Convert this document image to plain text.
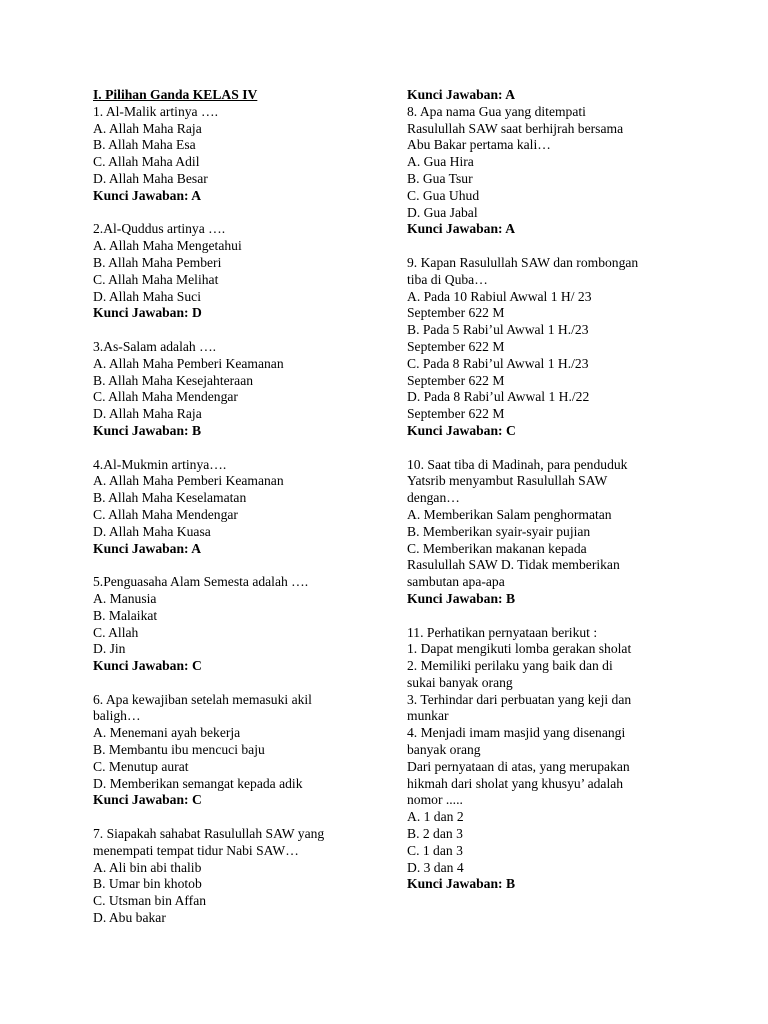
I. Pilihan Ganda KELAS IV
1. Al-Malik artinya ….
A. Allah Maha Raja
B. Allah Maha Esa
C. Allah Maha Adil
D. Allah Maha Besar
Kunci Jawaban: A
2.Al-Quddus artinya ….
A. Allah Maha Mengetahui
B. Allah Maha Pemberi
C. Allah Maha Melihat
D. Allah Maha Suci
Kunci Jawaban: D
3.As-Salam adalah ….
A. Allah Maha Pemberi Keamanan
B. Allah Maha Kesejahteraan
C. Allah Maha Mendengar
D. Allah Maha Raja
Kunci Jawaban: B
4.Al-Mukmin artinya….
A. Allah Maha Pemberi Keamanan
B. Allah Maha Keselamatan
C. Allah Maha Mendengar
D. Allah Maha Kuasa
Kunci Jawaban: A
5.Penguasaha Alam Semesta adalah ….
A. Manusia
B. Malaikat
C. Allah
D. Jin
Kunci Jawaban: C
6. Apa kewajiban setelah memasuki akil
baligh…
A. Menemani ayah bekerja
B. Membantu ibu mencuci baju
C. Menutup aurat
D. Memberikan semangat kepada adik
Kunci Jawaban: C
7. Siapakah sahabat Rasulullah SAW yang
menempati tempat tidur Nabi SAW…
A. Ali bin abi thalib
B. Umar bin khotob
C. Utsman bin Affan
D. Abu bakar
Kunci Jawaban: A
8. Apa nama Gua yang ditempati
Rasulullah SAW saat berhijrah bersama
Abu Bakar pertama kali…
A. Gua Hira
B. Gua Tsur
C. Gua Uhud
D. Gua Jabal
Kunci Jawaban: A
9. Kapan Rasulullah SAW dan rombongan
tiba di Quba…
A. Pada 10 Rabiul Awwal 1 H/ 23
September 622 M
B. Pada 5 Rabi’ul Awwal 1 H./23
September 622 M
C. Pada 8 Rabi’ul Awwal 1 H./23
September 622 M
D. Pada 8 Rabi’ul Awwal 1 H./22
September 622 M
Kunci Jawaban: C
10. Saat tiba di Madinah, para penduduk
Yatsrib menyambut Rasulullah SAW
dengan…
A. Memberikan Salam penghormatan
B. Memberikan syair-syair pujian
C. Memberikan makanan kepada
Rasulullah SAW D. Tidak memberikan
sambutan apa-apa
Kunci Jawaban: B
11. Perhatikan pernyataan berikut :
1. Dapat mengikuti lomba gerakan sholat
2. Memiliki perilaku yang baik dan di
sukai banyak orang
3. Terhindar dari perbuatan yang keji dan
munkar
4. Menjadi imam masjid yang disenangi
banyak orang
Dari pernyataan di atas, yang merupakan
hikmah dari sholat yang khusyu’ adalah
nomor .....
A. 1 dan 2
B. 2 dan 3
C. 1 dan 3
D. 3 dan 4
Kunci Jawaban: B
